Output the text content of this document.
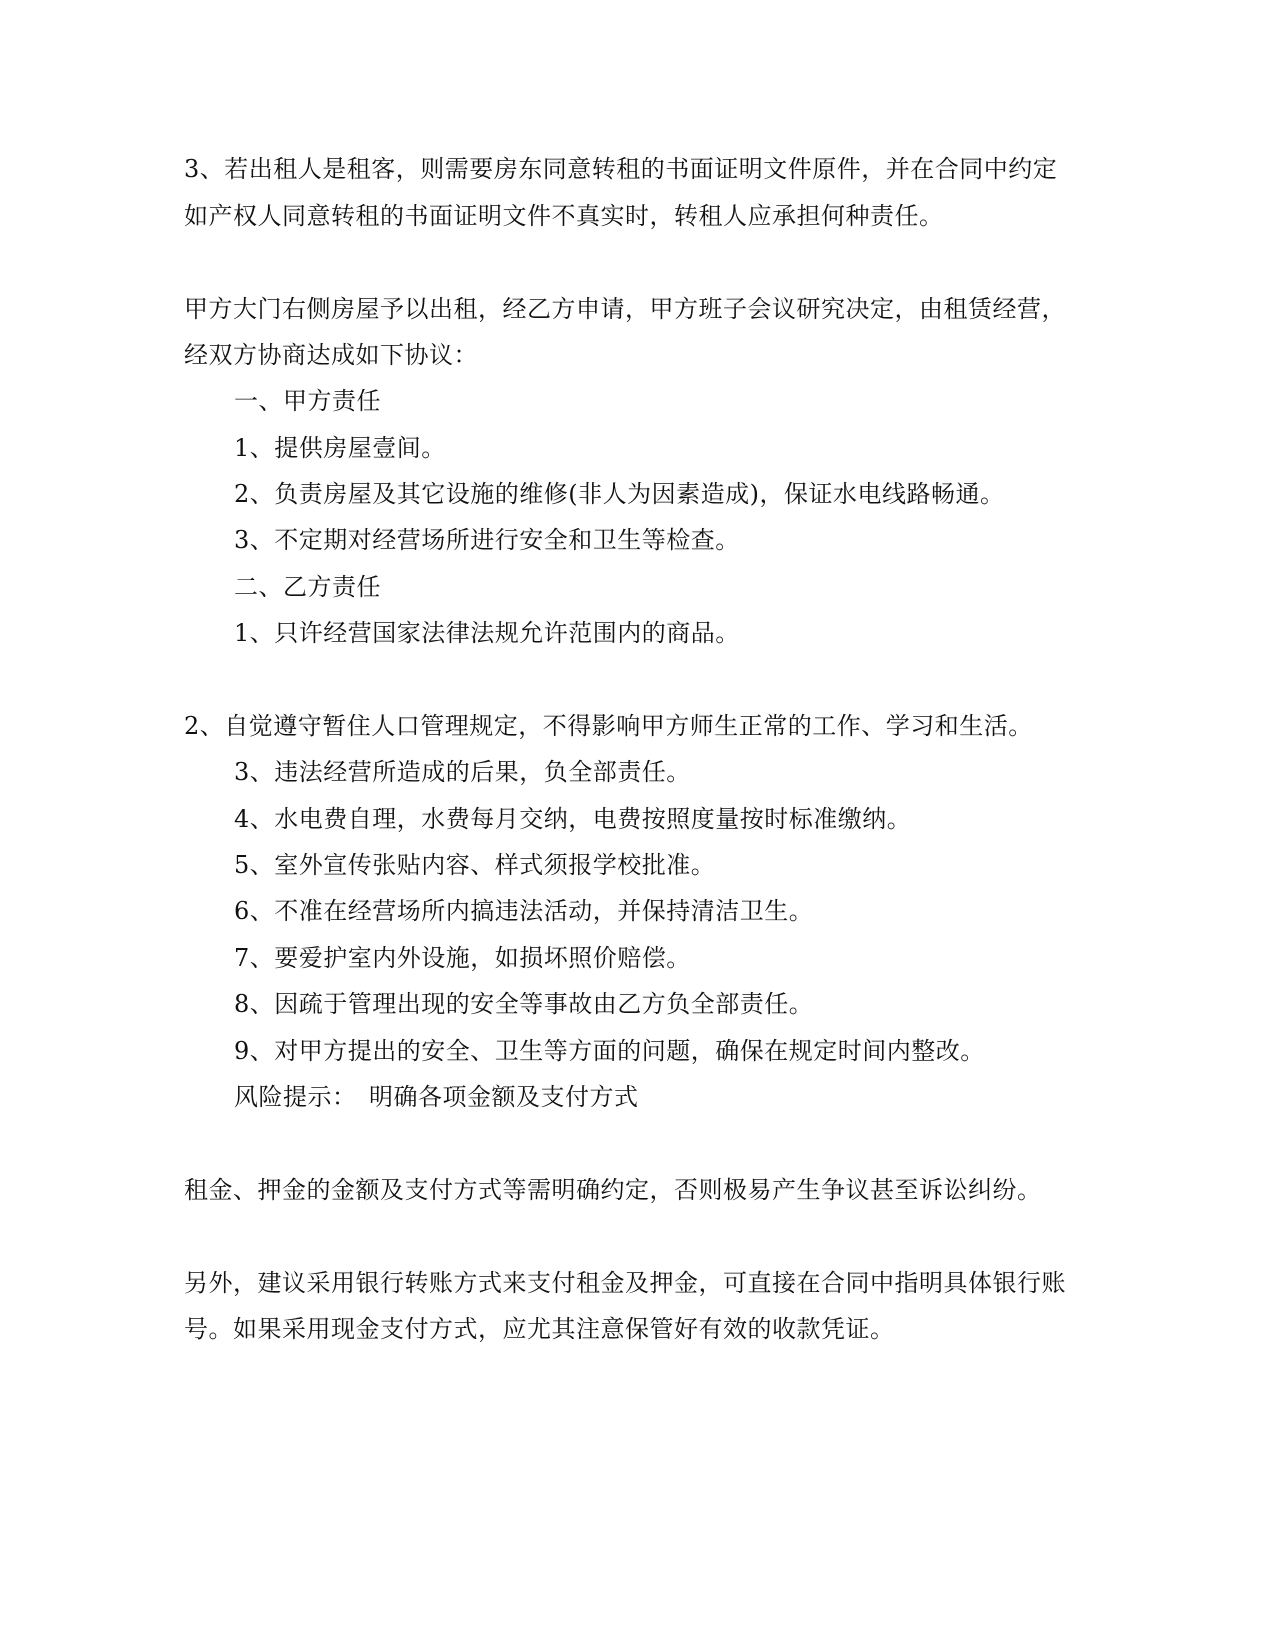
3、若出租人是租客，则需要房东同意转租的书面证明文件原件，并在合同中约定
如产权人同意转租的书面证明文件不真实时，转租人应承担何种责任。
甲方大门右侧房屋予以出租，经乙方申请，甲方班子会议研究决定，由租赁经营，
经双方协商达成如下协议：
一、甲方责任
1、提供房屋壹间。
2、负责房屋及其它设施的维修(非人为因素造成)，保证水电线路畅通。
3、不定期对经营场所进行安全和卫生等检查。
二、乙方责任
1、只许经营国家法律法规允许范围内的商品。
2、自觉遵守暂住人口管理规定，不得影响甲方师生正常的工作、学习和生活。
3、违法经营所造成的后果，负全部责任。
4、水电费自理，水费每月交纳，电费按照度量按时标准缴纳。
5、室外宣传张贴内容、样式须报学校批准。
6、不准在经营场所内搞违法活动，并保持清洁卫生。
7、要爱护室内外设施，如损坏照价赔偿。
8、因疏于管理出现的安全等事故由乙方负全部责任。
9、对甲方提出的安全、卫生等方面的问题，确保在规定时间内整改。
风险提示：　明确各项金额及支付方式
租金、押金的金额及支付方式等需明确约定，否则极易产生争议甚至诉讼纠纷。
另外，建议采用银行转账方式来支付租金及押金，可直接在合同中指明具体银行账
号。如果采用现金支付方式，应尤其注意保管好有效的收款凭证。
